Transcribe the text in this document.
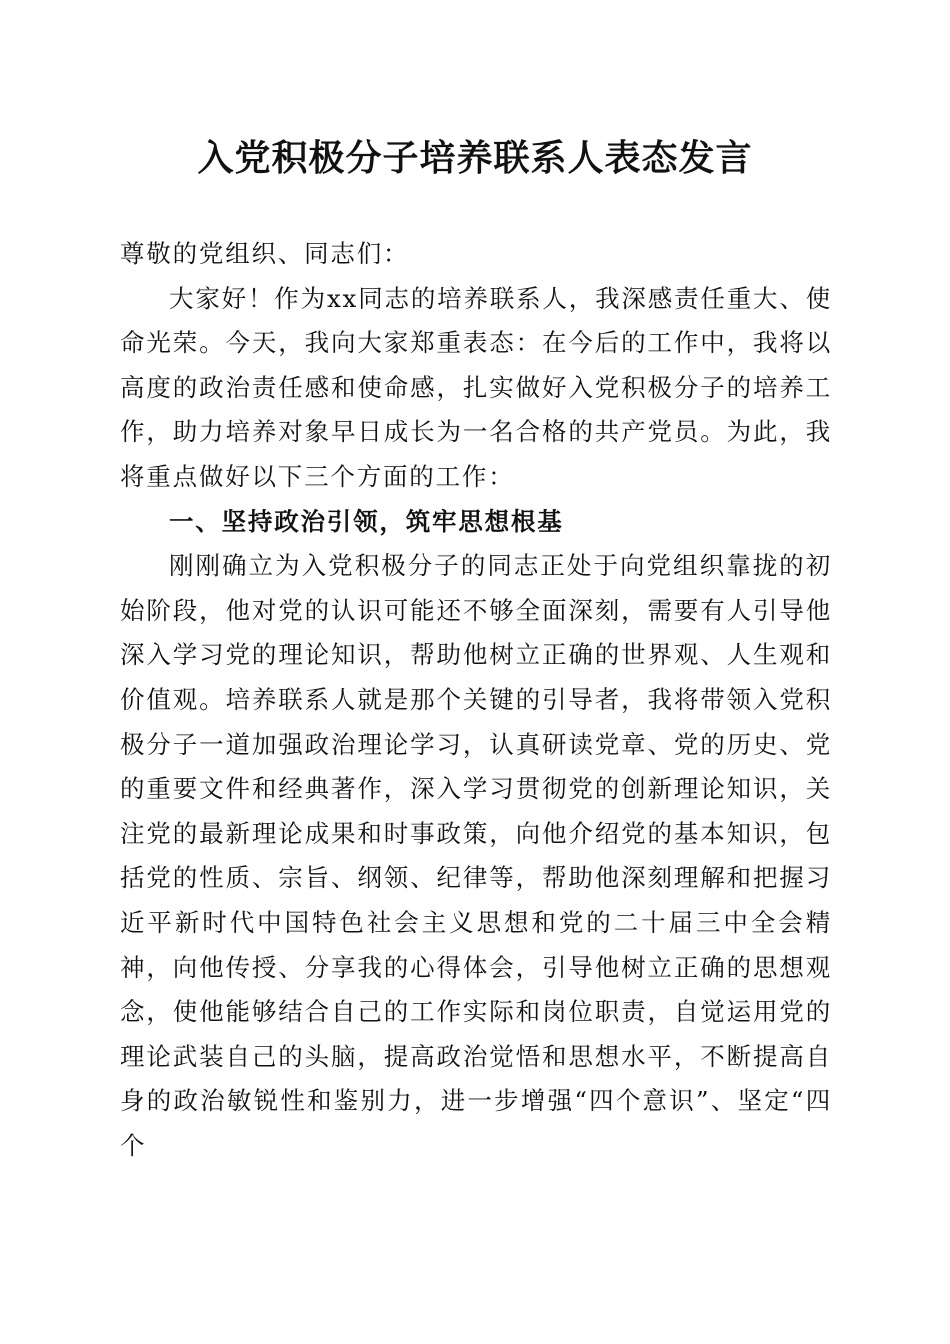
入党积极分子培养联系人表态发言

尊敬的党组织、同志们：

大家好！作为xx同志的培养联系人，我深感责任重大、使命光荣。今天，我向大家郑重表态：在今后的工作中，我将以高度的政治责任感和使命感，扎实做好入党积极分子的培养工作，助力培养对象早日成长为一名合格的共产党员。为此，我将重点做好以下三个方面的工作：

一、坚持政治引领，筑牢思想根基

刚刚确立为入党积极分子的同志正处于向党组织靠拢的初始阶段，他对党的认识可能还不够全面深刻，需要有人引导他深入学习党的理论知识，帮助他树立正确的世界观、人生观和价值观。培养联系人就是那个关键的引导者，我将带领入党积极分子一道加强政治理论学习，认真研读党章、党的历史、党的重要文件和经典著作，深入学习贯彻党的创新理论知识，关注党的最新理论成果和时事政策，向他介绍党的基本知识，包括党的性质、宗旨、纲领、纪律等，帮助他深刻理解和把握习近平新时代中国特色社会主义思想和党的二十届三中全会精神，向他传授、分享我的心得体会，引导他树立正确的思想观念，使他能够结合自己的工作实际和岗位职责，自觉运用党的理论武装自己的头脑，提高政治觉悟和思想水平，不断提高自身的政治敏锐性和鉴别力，进一步增强“四个意识”、坚定“四个
